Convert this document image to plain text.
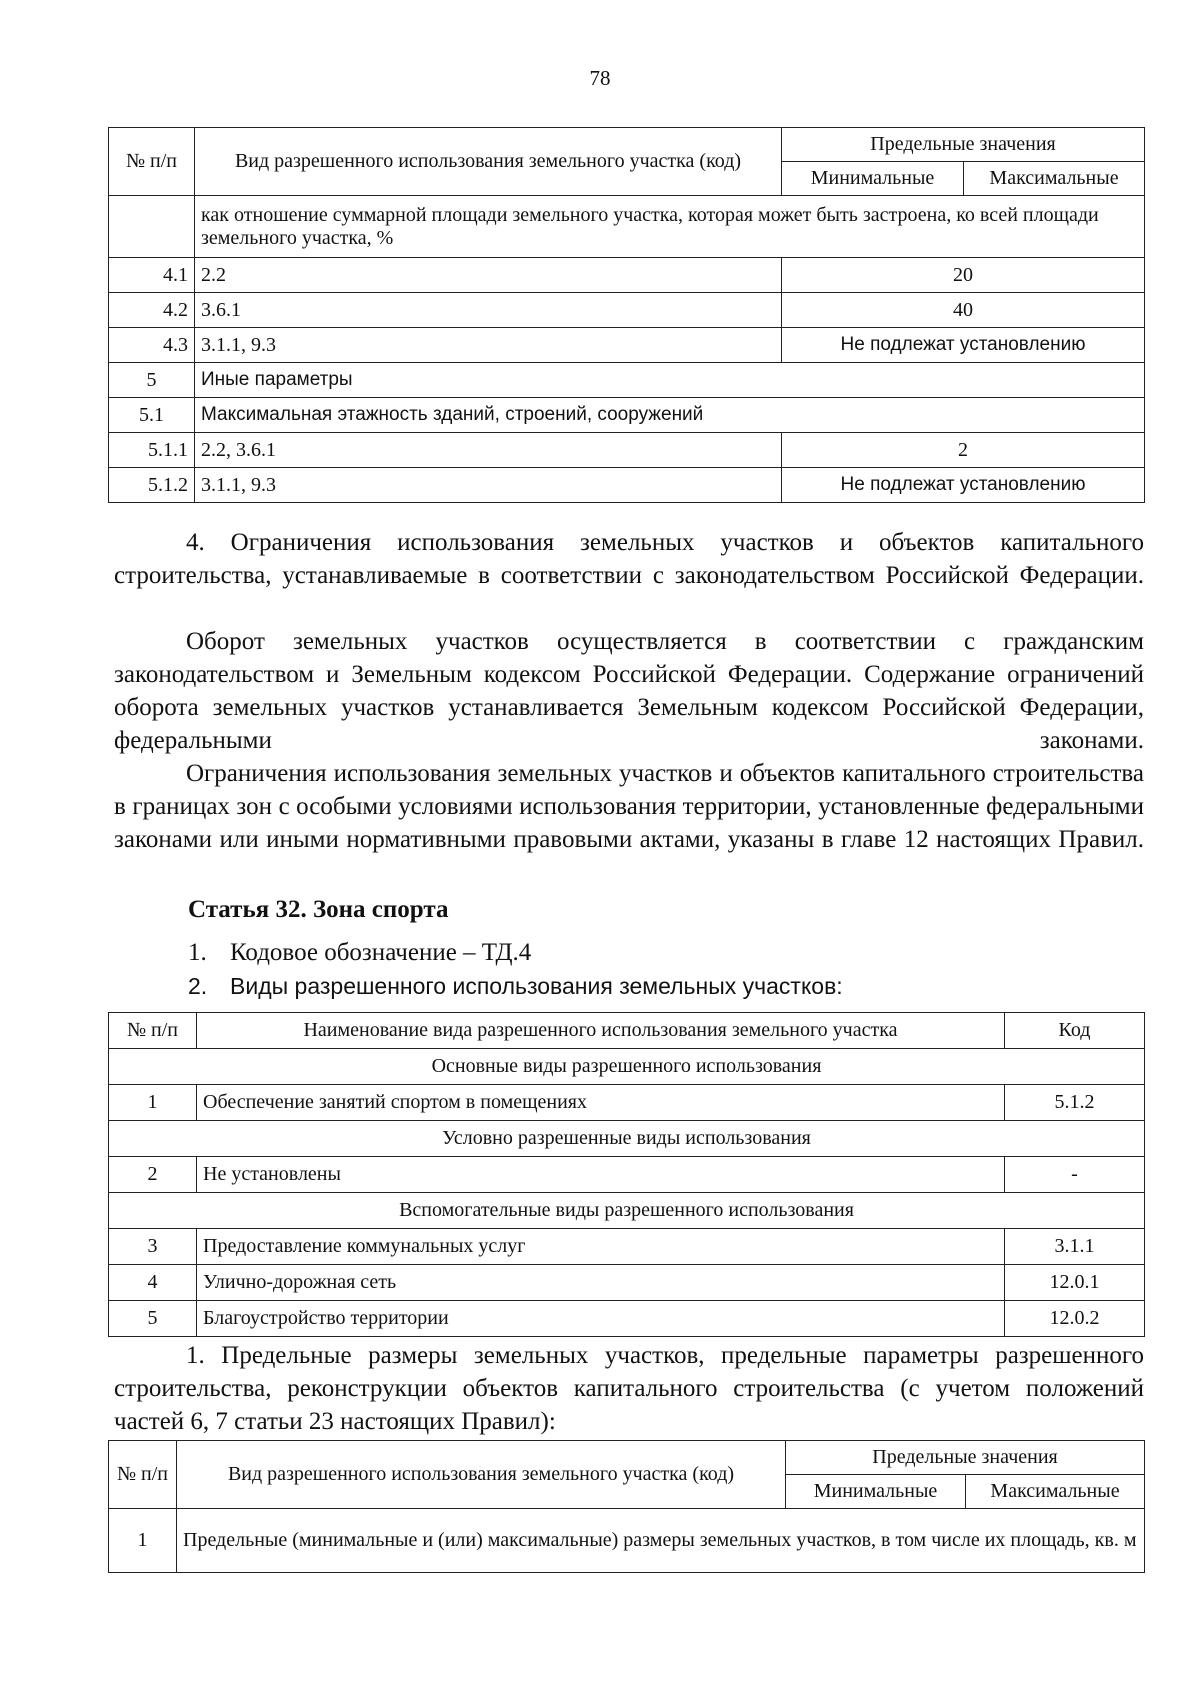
78
№ п/п	Вид разрешенного использования земельного участка (код)	Предельные значения	
		Минимальные	Максимальные
	как отношение суммарной площади земельного участка, которая может быть застроена, ко всей площади земельного участка, %		
4.1	2.2	20	
4.2	3.6.1	40	
4.3	3.1.1, 9.3	Не подлежат установлению	
5	Иные параметры		
5.1	Максимальная этажность зданий, строений, сооружений		
5.1.1	2.2, 3.6.1	2	
5.1.2	3.1.1, 9.3	Не подлежат установлению	
4. Ограничения использования земельных участков и объектов капитального строительства, устанавливаемые в соответствии с законодательством Российской Федерации.
Оборот земельных участков осуществляется в соответствии с гражданским законодательством и Земельным кодексом Российской Федерации. Содержание ограничений оборота земельных участков устанавливается Земельным кодексом Российской Федерации, федеральными законами.
Ограничения использования земельных участков и объектов капитального строительства в границах зон с особыми условиями использования территории, установленные федеральными законами или иными нормативными правовыми актами, указаны в главе 12 настоящих Правил.
Статья 32. Зона спорта
1. Кодовое обозначение – ТД.4
2. Виды разрешенного использования земельных участков:
№ п/п	Наименование вида разрешенного использования земельного участка	Код
Основные виды разрешенного использования		
1	Обеспечение занятий спортом в помещениях	5.1.2
Условно разрешенные виды использования		
2	Не установлены	-
Вспомогательные виды разрешенного использования		
3	Предоставление коммунальных услуг	3.1.1
4	Улично-дорожная сеть	12.0.1
5	Благоустройство территории	12.0.2
1. Предельные размеры земельных участков, предельные параметры разрешенного строительства, реконструкции объектов капитального строительства (с учетом положений частей 6, 7 статьи 23 настоящих Правил):
№ п/п	Вид разрешенного использования земельного участка (код)	Предельные значения	
		Минимальные	Максимальные
1	Предельные (минимальные и (или) максимальные) размеры земельных участков, в том числе их площадь, кв. м		
